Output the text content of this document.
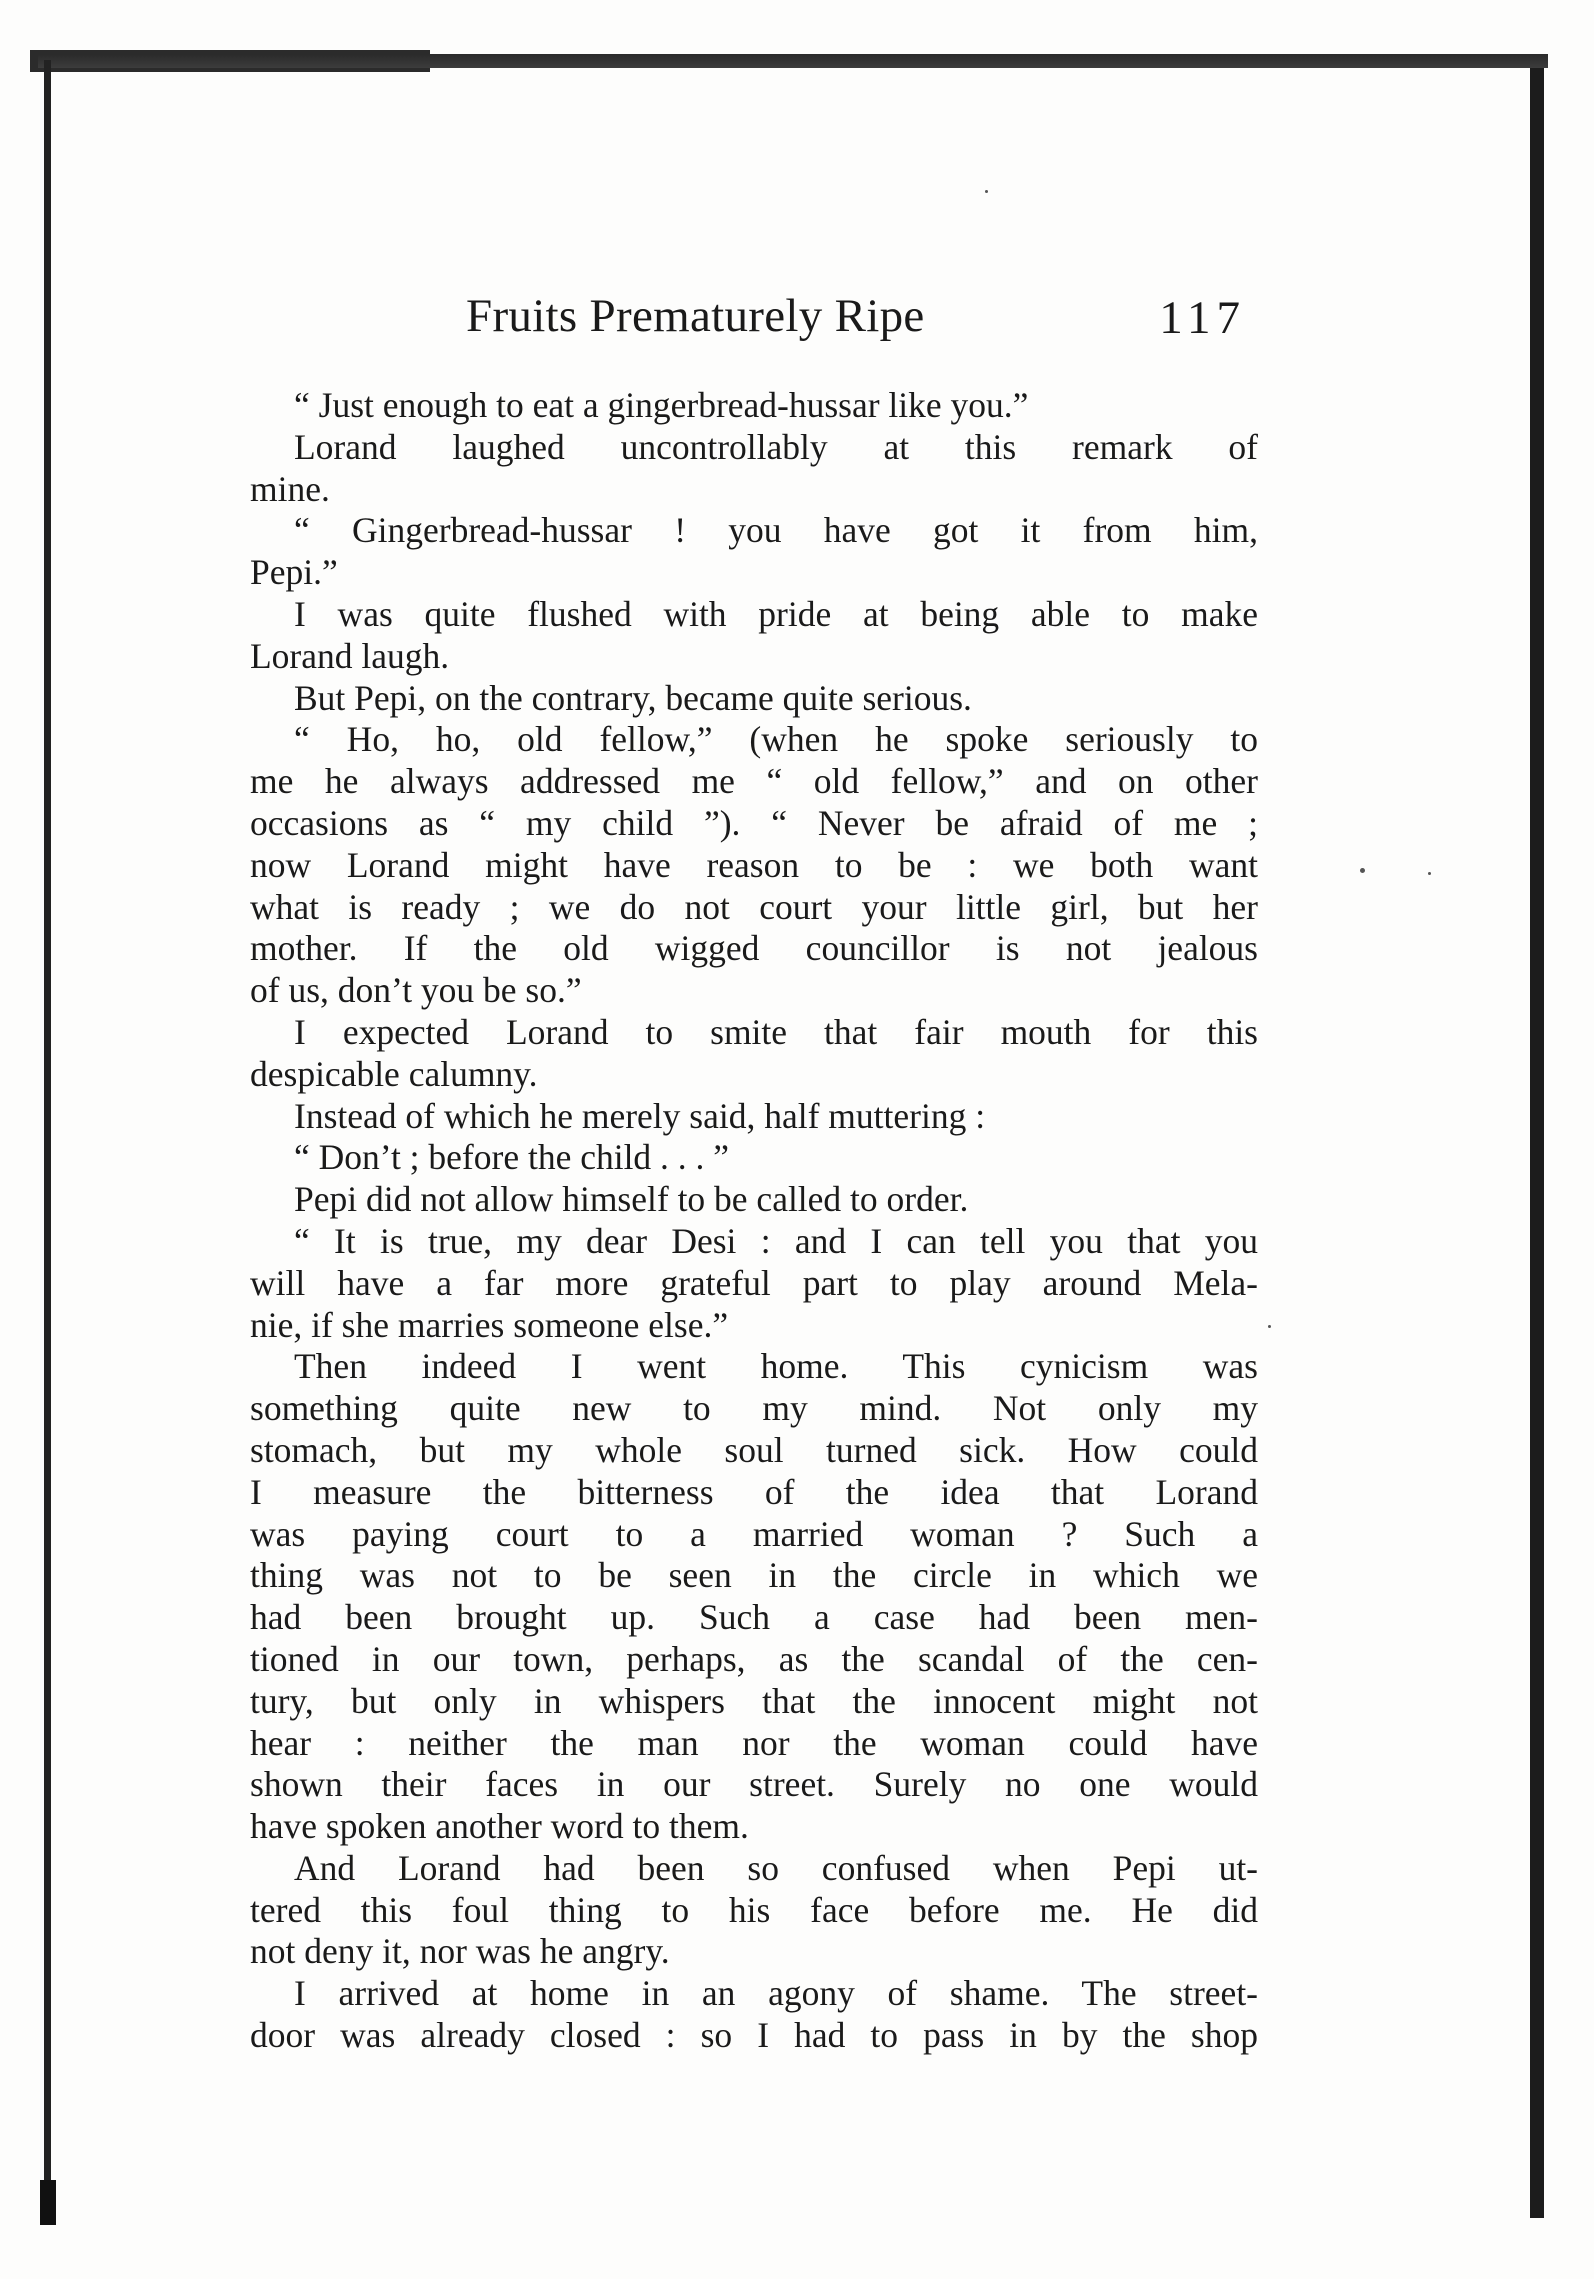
Fruits Prematurely Ripe	117
“ Just enough to eat a gingerbread-hussar like you.”
Lorand laughed uncontrollably at this remark of
mine.
“ Gingerbread-hussar ! you have got it from him,
Pepi.”
I was quite flushed with pride at being able to make
Lorand laugh.
But Pepi, on the contrary, became quite serious.
“ Ho, ho, old fellow,” (when he spoke seriously to
me he always addressed me “ old fellow,” and on other
occasions as “ my child ”). “ Never be afraid of me ;
now Lorand might have reason to be : we both want
what is ready ; we do not court your little girl, but her
mother. If the old wigged councillor is not jealous
of us, don’t you be so.”
I expected Lorand to smite that fair mouth for this
despicable calumny.
Instead of which he merely said, half muttering :
“ Don’t ; before the child . . . ”
Pepi did not allow himself to be called to order.
“ It is true, my dear Desi : and I can tell you that you
will have a far more grateful part to play around Mela-
nie, if she marries someone else.”
Then indeed I went home. This cynicism was
something quite new to my mind. Not only my
stomach, but my whole soul turned sick. How could
I measure the bitterness of the idea that Lorand
was paying court to a married woman ? Such a
thing was not to be seen in the circle in which we
had been brought up. Such a case had been men-
tioned in our town, perhaps, as the scandal of the cen-
tury, but only in whispers that the innocent might not
hear : neither the man nor the woman could have
shown their faces in our street. Surely no one would
have spoken another word to them.
And Lorand had been so confused when Pepi ut-
tered this foul thing to his face before me. He did
not deny it, nor was he angry.
I arrived at home in an agony of shame. The street-
door was already closed : so I had to pass in by the shop
